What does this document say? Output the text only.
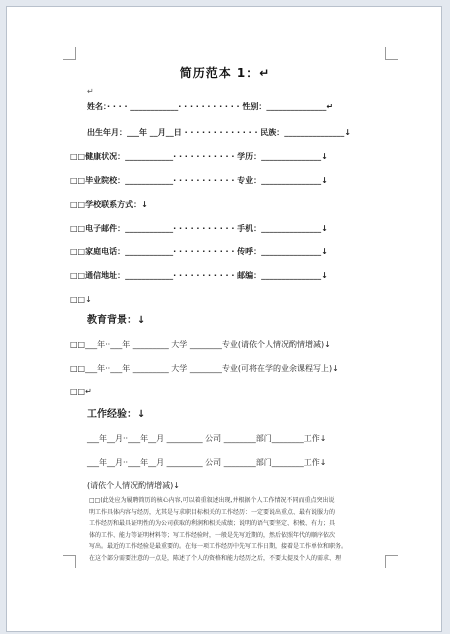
简历范本 1：↵
↵
姓名：· · · · ____________· · · · · · · · · · · 性别：_______________↵
出生年月：___年 __月__日 · · · · · · · · · · · · · 民族：_______________↓
□□健康状况：____________· · · · · · · · · · · 学历：_______________↓
□□毕业院校：____________· · · · · · · · · · · 专业：_______________↓
□□学校联系方式：↓
□□电子邮件：____________· · · · · · · · · · · 手机：_______________↓
□□家庭电话：____________· · · · · · · · · · · 传呼：_______________↓
□□通信地址：____________· · · · · · · · · · · 邮编：_______________↓
□□↓
教育背景：↓
□□___年··___年 _________ 大学 ________专业(请依个人情况酌情增减)↓
□□___年··___年 _________ 大学 ________专业(可将在学的业余课程写上)↓
□□↵
工作经验：↓
___年__月··___年__月 _________ 公司 ________部门________工作↓
___年__月··___年__月 _________ 公司 ________部门________工作↓
(请依个人情况酌情增减)↓

□□(此处应为履聘简历的核心内容,可以着重叙述出现,并根据个人工作情况不同而重点突出说

明工作具体内容与经历，尤其是与求职目标相关的工作经历：一定要说出重点、最有说服力的

工作经历和最具证明性的为公司获取的利润和相关成绩；说明的语气要坚定、积极、有力；具

体的工作、能力等证明材料等；写工作经验时，一般是先写近期的，然后依照年代的顺序依次

写出。最近的工作经验是最重要的。在每一项工作经历中先写工作日期，接着是工作单位和职务。

在这个部分需要注意的一点是，陈述了个人的资格和能力经历之后，不要太提及个人的需求、理
